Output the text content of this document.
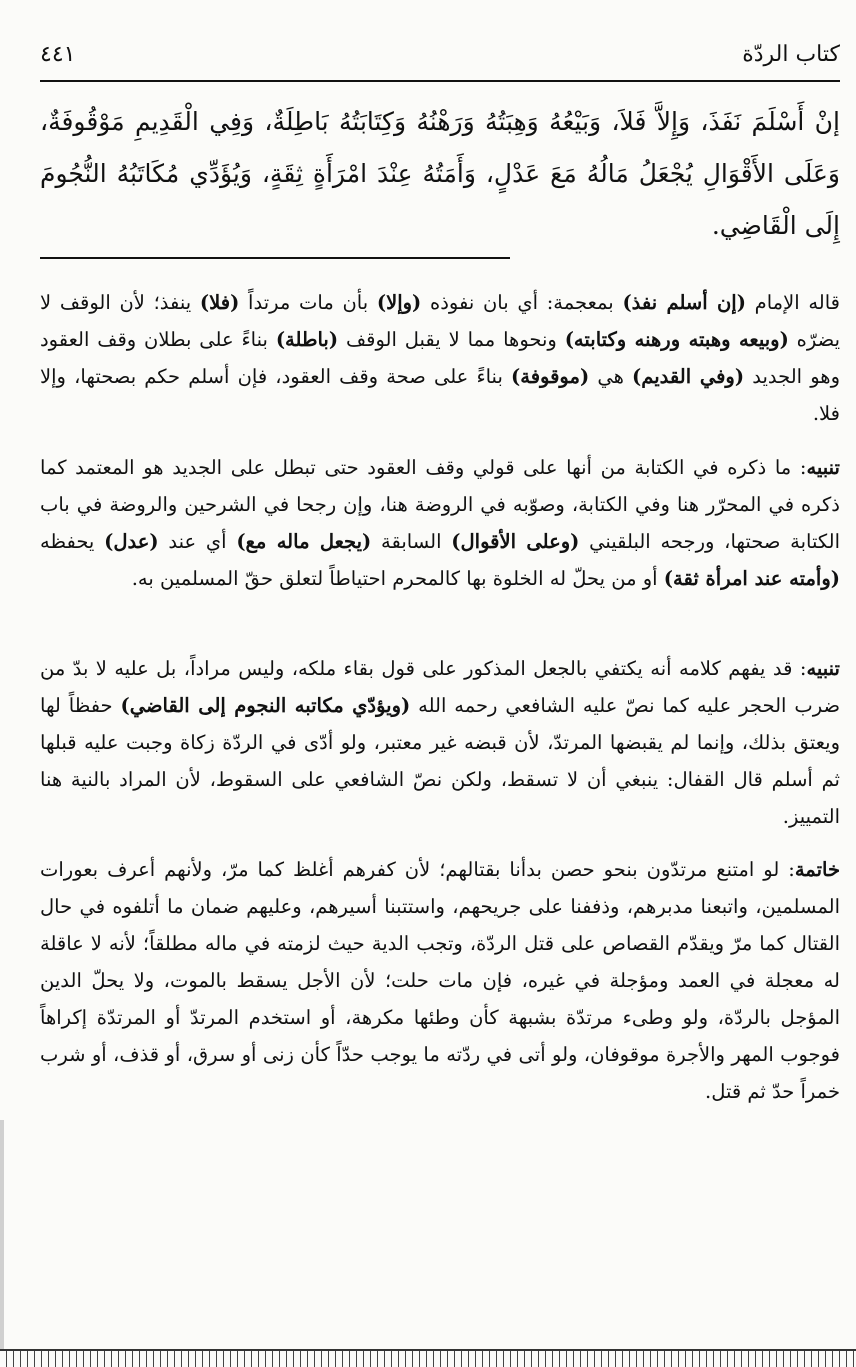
كتاب الردّة
٤٤١
إنْ أَسْلَمَ نَفَذَ، وَإِلاَّ فَلاَ، وَبَيْعُهُ وَهِبَتُهُ وَرَهْنُهُ وَكِتَابَتُهُ بَاطِلَةٌ، وَفِي الْقَدِيمِ مَوْقُوفَةٌ، وَعَلَى الأَقْوَالِ يُجْعَلُ مَالُهُ مَعَ عَدْلٍ، وَأَمَتُهُ عِنْدَ امْرَأَةٍ ثِقَةٍ، وَيُؤَدِّي مُكَاتَبُهُ النُّجُومَ إِلَى الْقَاضِي.
قاله الإمام (إن أسلم نفذ) بمعجمة: أي بان نفوذه (وإلا) بأن مات مرتداً (فلا) ينفذ؛ لأن الوقف لا يضرّه (وبيعه وهبته ورهنه وكتابته) ونحوها مما لا يقبل الوقف (باطلة) بناءً على بطلان وقف العقود وهو الجديد (وفي القديم) هي (موقوفة) بناءً على صحة وقف العقود، فإن أسلم حكم بصحتها، وإلا فلا.
تنبيه: ما ذكره في الكتابة من أنها على قولي وقف العقود حتى تبطل على الجديد هو المعتمد كما ذكره في المحرّر هنا وفي الكتابة، وصوّبه في الروضة هنا، وإن رجحا في الشرحين والروضة في باب الكتابة صحتها، ورجحه البلقيني (وعلى الأقوال) السابقة (يجعل ماله مع) أي عند (عدل) يحفظه (وأمته عند امرأة ثقة) أو من يحلّ له الخلوة بها كالمحرم احتياطاً لتعلق حقّ المسلمين به.
تنبيه: قد يفهم كلامه أنه يكتفي بالجعل المذكور على قول بقاء ملكه، وليس مراداً، بل عليه لا بدّ من ضرب الحجر عليه كما نصّ عليه الشافعي رحمه الله (ويؤدّي مكاتبه النجوم إلى القاضي) حفظاً لها ويعتق بذلك، وإنما لم يقبضها المرتدّ، لأن قبضه غير معتبر، ولو أدّى في الردّة زكاة وجبت عليه قبلها ثم أسلم قال القفال: ينبغي أن لا تسقط، ولكن نصّ الشافعي على السقوط، لأن المراد بالنية هنا التمييز.
خاتمة: لو امتنع مرتدّون بنحو حصن بدأنا بقتالهم؛ لأن كفرهم أغلظ كما مرّ، ولأنهم أعرف بعورات المسلمين، واتبعنا مدبرهم، وذففنا على جريحهم، واستتبنا أسيرهم، وعليهم ضمان ما أتلفوه في حال القتال كما مرّ ويقدّم القصاص على قتل الردّة، وتجب الدية حيث لزمته في ماله مطلقاً؛ لأنه لا عاقلة له معجلة في العمد ومؤجلة في غيره، فإن مات حلت؛ لأن الأجل يسقط بالموت، ولا يحلّ الدين المؤجل بالردّة، ولو وطىء مرتدّة بشبهة كأن وطئها مكرهة، أو استخدم المرتدّ أو المرتدّة إكراهاً فوجوب المهر والأجرة موقوفان، ولو أتى في ردّته ما يوجب حدّاً كأن زنى أو سرق، أو قذف، أو شرب خمراً حدّ ثم قتل.
